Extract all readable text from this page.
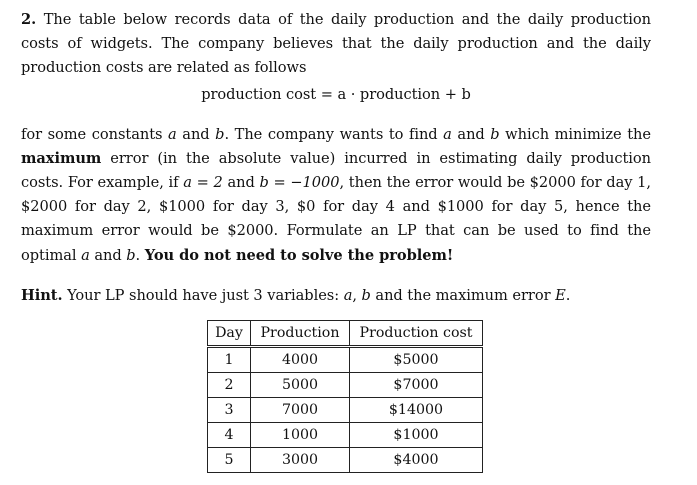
2. The table below records data of the daily production and the daily production costs of widgets. The company believes that the daily production and the daily production costs are related as follows

production cost = a · production + b

for some constants a and b. The company wants to find a and b which minimize the maximum error (in the absolute value) incurred in estimating daily production costs. For example, if a = 2 and b = −1000, then the error would be $2000 for day 1, $2000 for day 2, $1000 for day 3, $0 for day 4 and $1000 for day 5, hence the maximum error would be $2000. Formulate an LP that can be used to find the optimal a and b. You do not need to solve the problem!

Hint. Your LP should have just 3 variables: a, b and the maximum error E.

Day	Production	Production cost
1	4000	$5000
2	5000	$7000
3	7000	$14000
4	1000	$1000
5	3000	$4000
